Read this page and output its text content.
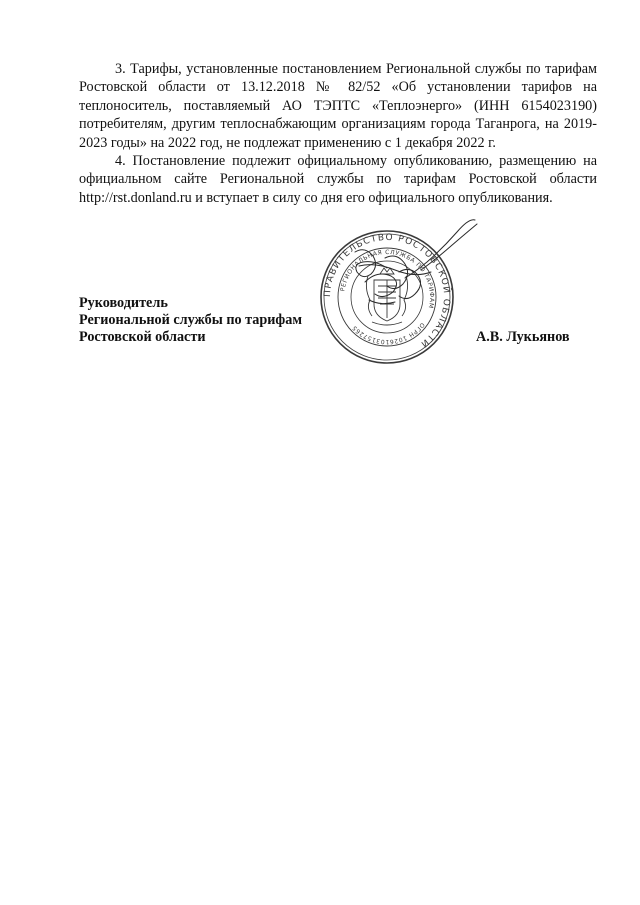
3. Тарифы, установленные постановлением Региональной службы по тарифам Ростовской области от 13.12.2018 № 82/52 «Об установлении тарифов на теплоноситель, поставляемый АО ТЭПТС «Теплоэнерго» (ИНН 6154023190) потребителям, другим теплоснабжающим организациям города Таганрога, на 2019-2023 годы» на 2022 год, не подлежат применению с 1 декабря 2022 г.

4. Постановление подлежит официальному опубликованию, размещению на официальном сайте Региональной службы по тарифам Ростовской области http://rst.donland.ru и вступает в силу со дня его официального опубликования.

ПРАВИТЕЛЬСТВО РОСТОВСКОЙ ОБЛАСТИ
РЕГИОНАЛЬНАЯ СЛУЖБА ПО ТАРИФАМ
ОГРН 1026103157265
Руководитель
Региональной службы по тарифам
Ростовской области	А.В. Лукьянов
